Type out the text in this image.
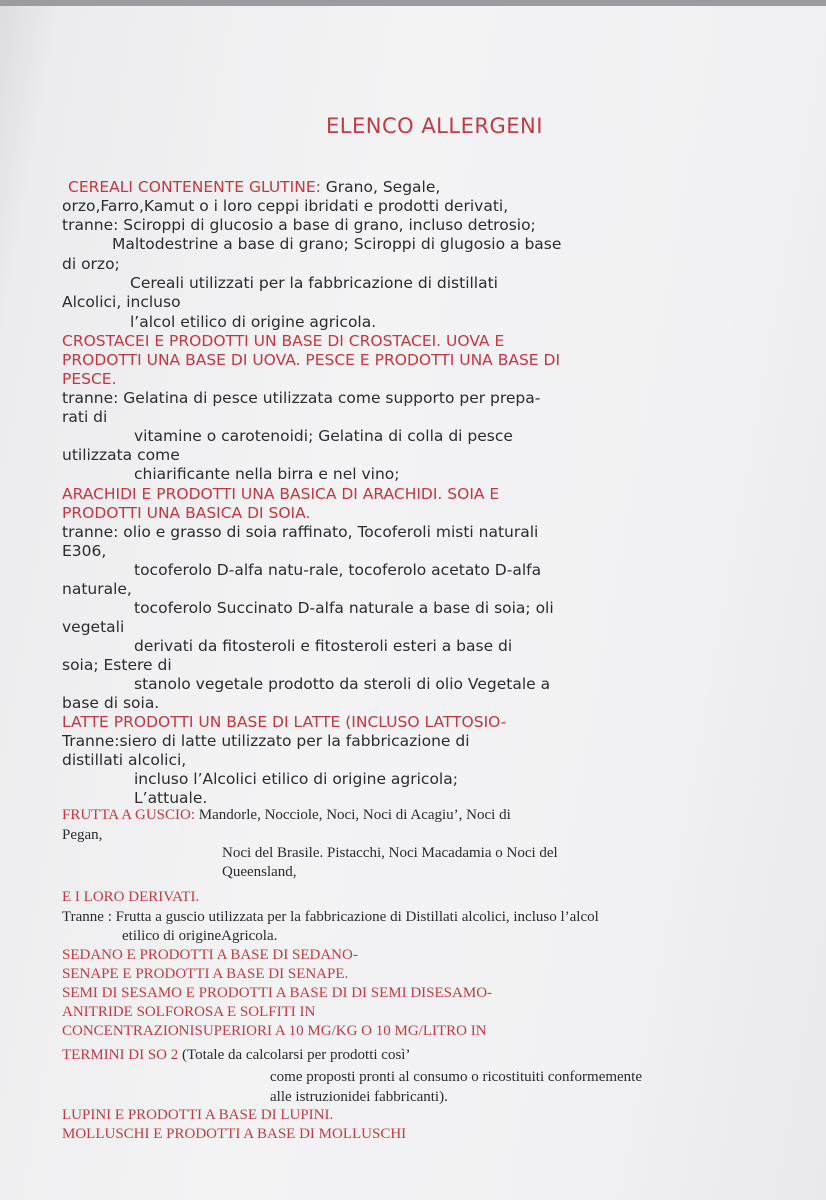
ELENCO ALLERGENI
CEREALI CONTENENTE GLUTINE: Grano, Segale,
orzo,Farro,Kamut o i loro ceppi ibridati e prodotti derivati,
tranne: Sciroppi di glucosio a base di grano, incluso detrosio;
Maltodestrine a base di grano; Sciroppi di glugosio a base
di orzo;
Cereali utilizzati per la fabbricazione di distillati
Alcolici, incluso
l’alcol etilico di origine agricola.
CROSTACEI E PRODOTTI UN BASE DI CROSTACEI. UOVA E
PRODOTTI UNA BASE DI UOVA. PESCE E PRODOTTI UNA BASE DI
PESCE.
tranne: Gelatina di pesce utilizzata come supporto per prepa-
rati di
vitamine o carotenoidi; Gelatina di colla di pesce
utilizzata come
chiarificante nella birra e nel vino;
ARACHIDI E PRODOTTI UNA BASICA DI ARACHIDI. SOIA E
PRODOTTI UNA BASICA DI SOIA.
tranne: olio e grasso di soia raffinato, Tocoferoli misti naturali
E306,
tocoferolo D-alfa natu-rale, tocoferolo acetato D-alfa
naturale,
tocoferolo Succinato D-alfa naturale a base di soia; oli
vegetali
derivati da fitosteroli e fitosteroli esteri a base di
soia; Estere di
stanolo vegetale prodotto da steroli di olio Vegetale a
base di soia.
LATTE PRODOTTI UN BASE DI LATTE (INCLUSO LATTOSIO-
Tranne:siero di latte utilizzato per la fabbricazione di
distillati alcolici,
incluso l’Alcolici etilico di origine agricola;
L’attuale.
FRUTTA A GUSCIO: Mandorle, Nocciole, Noci, Noci di Acagiu’, Noci di
Pegan,
Noci del Brasile. Pistacchi, Noci Macadamia o Noci del
Queensland,
E I LORO DERIVATI.
Tranne : Frutta a guscio utilizzata per la fabbricazione di Distillati alcolici, incluso l’alcol
etilico di origineAgricola.
SEDANO E PRODOTTI A BASE DI SEDANO-
SENAPE E PRODOTTI A BASE DI SENAPE.
SEMI DI SESAMO E PRODOTTI A BASE DI DI SEMI DISESAMO-
ANITRIDE SOLFOROSA E SOLFITI IN
CONCENTRAZIONISUPERIORI A 10 MG/KG O 10 MG/LITRO IN
TERMINI DI SO 2 (Totale da calcolarsi per prodotti così’
come proposti pronti al consumo o ricostituiti conformemente
alle istruzionidei fabbricanti).
LUPINI E PRODOTTI A BASE DI LUPINI.
MOLLUSCHI E PRODOTTI A BASE DI MOLLUSCHI
